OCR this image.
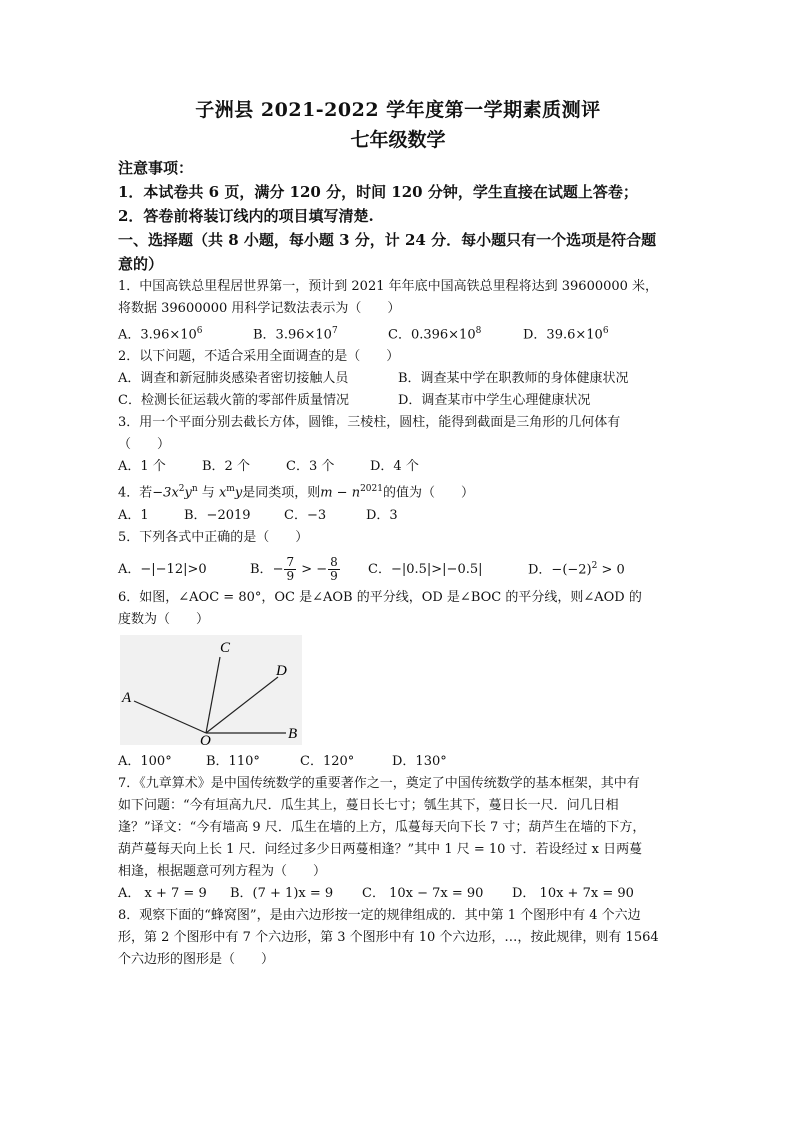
子洲县 2021-2022 学年度第一学期素质测评
七年级数学
注意事项：
1．本试卷共 6 页，满分 120 分，时间 120 分钟，学生直接在试题上答卷；
2．答卷前将装订线内的项目填写清楚.
一、选择题（共 8 小题，每小题 3 分，计 24 分．每小题只有一个选项是符合题
意的）
1．中国高铁总里程居世界第一，预计到 2021 年年底中国高铁总里程将达到 39600000 米，
将数据 39600000 用科学记数法表示为（　　）
A．$3.96\times 10^6$	B．$3.96\times 10^7$	C．$0.396\times 10^8$	D．$39.6\times 10^6$
2．以下问题，不适合采用全面调查的是（　　）
A．调查和新冠肺炎感染者密切接触人员	B．调查某中学在职教师的身体健康状况
C．检测长征运载火箭的零部件质量情况	D．调查某市中学生心理健康状况
3．用一个平面分别去截长方体，圆锥，三棱柱，圆柱，能得到截面是三角形的几何体有
（　　）
A．1 个	B．2 个	C．3 个	D．4 个
4．若$-3x^2y^n$ 与 $x^my$是同类项，则$m - n^{2021}$的值为（　　）
A．1	B．−2019	C．−3	D．3
5．下列各式中正确的是（　　）
A．−|−12|>0	B．− $\frac{7}{9}$ > − $\frac{8}{9}$ C．−|0.5|>|−0.5|	D．$-(-2)^2 > 0$
6．如图，∠AOC = 80°，OC 是∠AOB 的平分线，OD 是∠BOC 的平分线，则∠AOD 的
度数为（　　）
A
C
D
B
O
A．100°	B．110°	C．120°	D．130°
7．《九章算术》是中国传统数学的重要著作之一，奠定了中国传统数学的基本框架，其中有
如下问题：“今有垣高九尺．瓜生其上，蔓日长七寸；瓠生其下，蔓日长一尺．问几日相
逢？”译文：“今有墙高 9 尺．瓜生在墙的上方，瓜蔓每天向下长 7 寸；葫芦生在墙的下方，
葫芦蔓每天向上长 1 尺．问经过多少日两蔓相逢？”其中 1 尺 = 10 寸．若设经过 x 日两蔓
相逢，根据题意可列方程为（　　）
A． x + 7 = 9 B．(7 + 1)x = 9 C． 10x − 7x = 90 D． 10x + 7x = 90
8．观察下面的“蜂窝图”，是由六边形按一定的规律组成的．其中第 1 个图形中有 4 个六边
形，第 2 个图形中有 7 个六边形，第 3 个图形中有 10 个六边形，…，按此规律，则有 1564
个六边形的图形是（　　）
